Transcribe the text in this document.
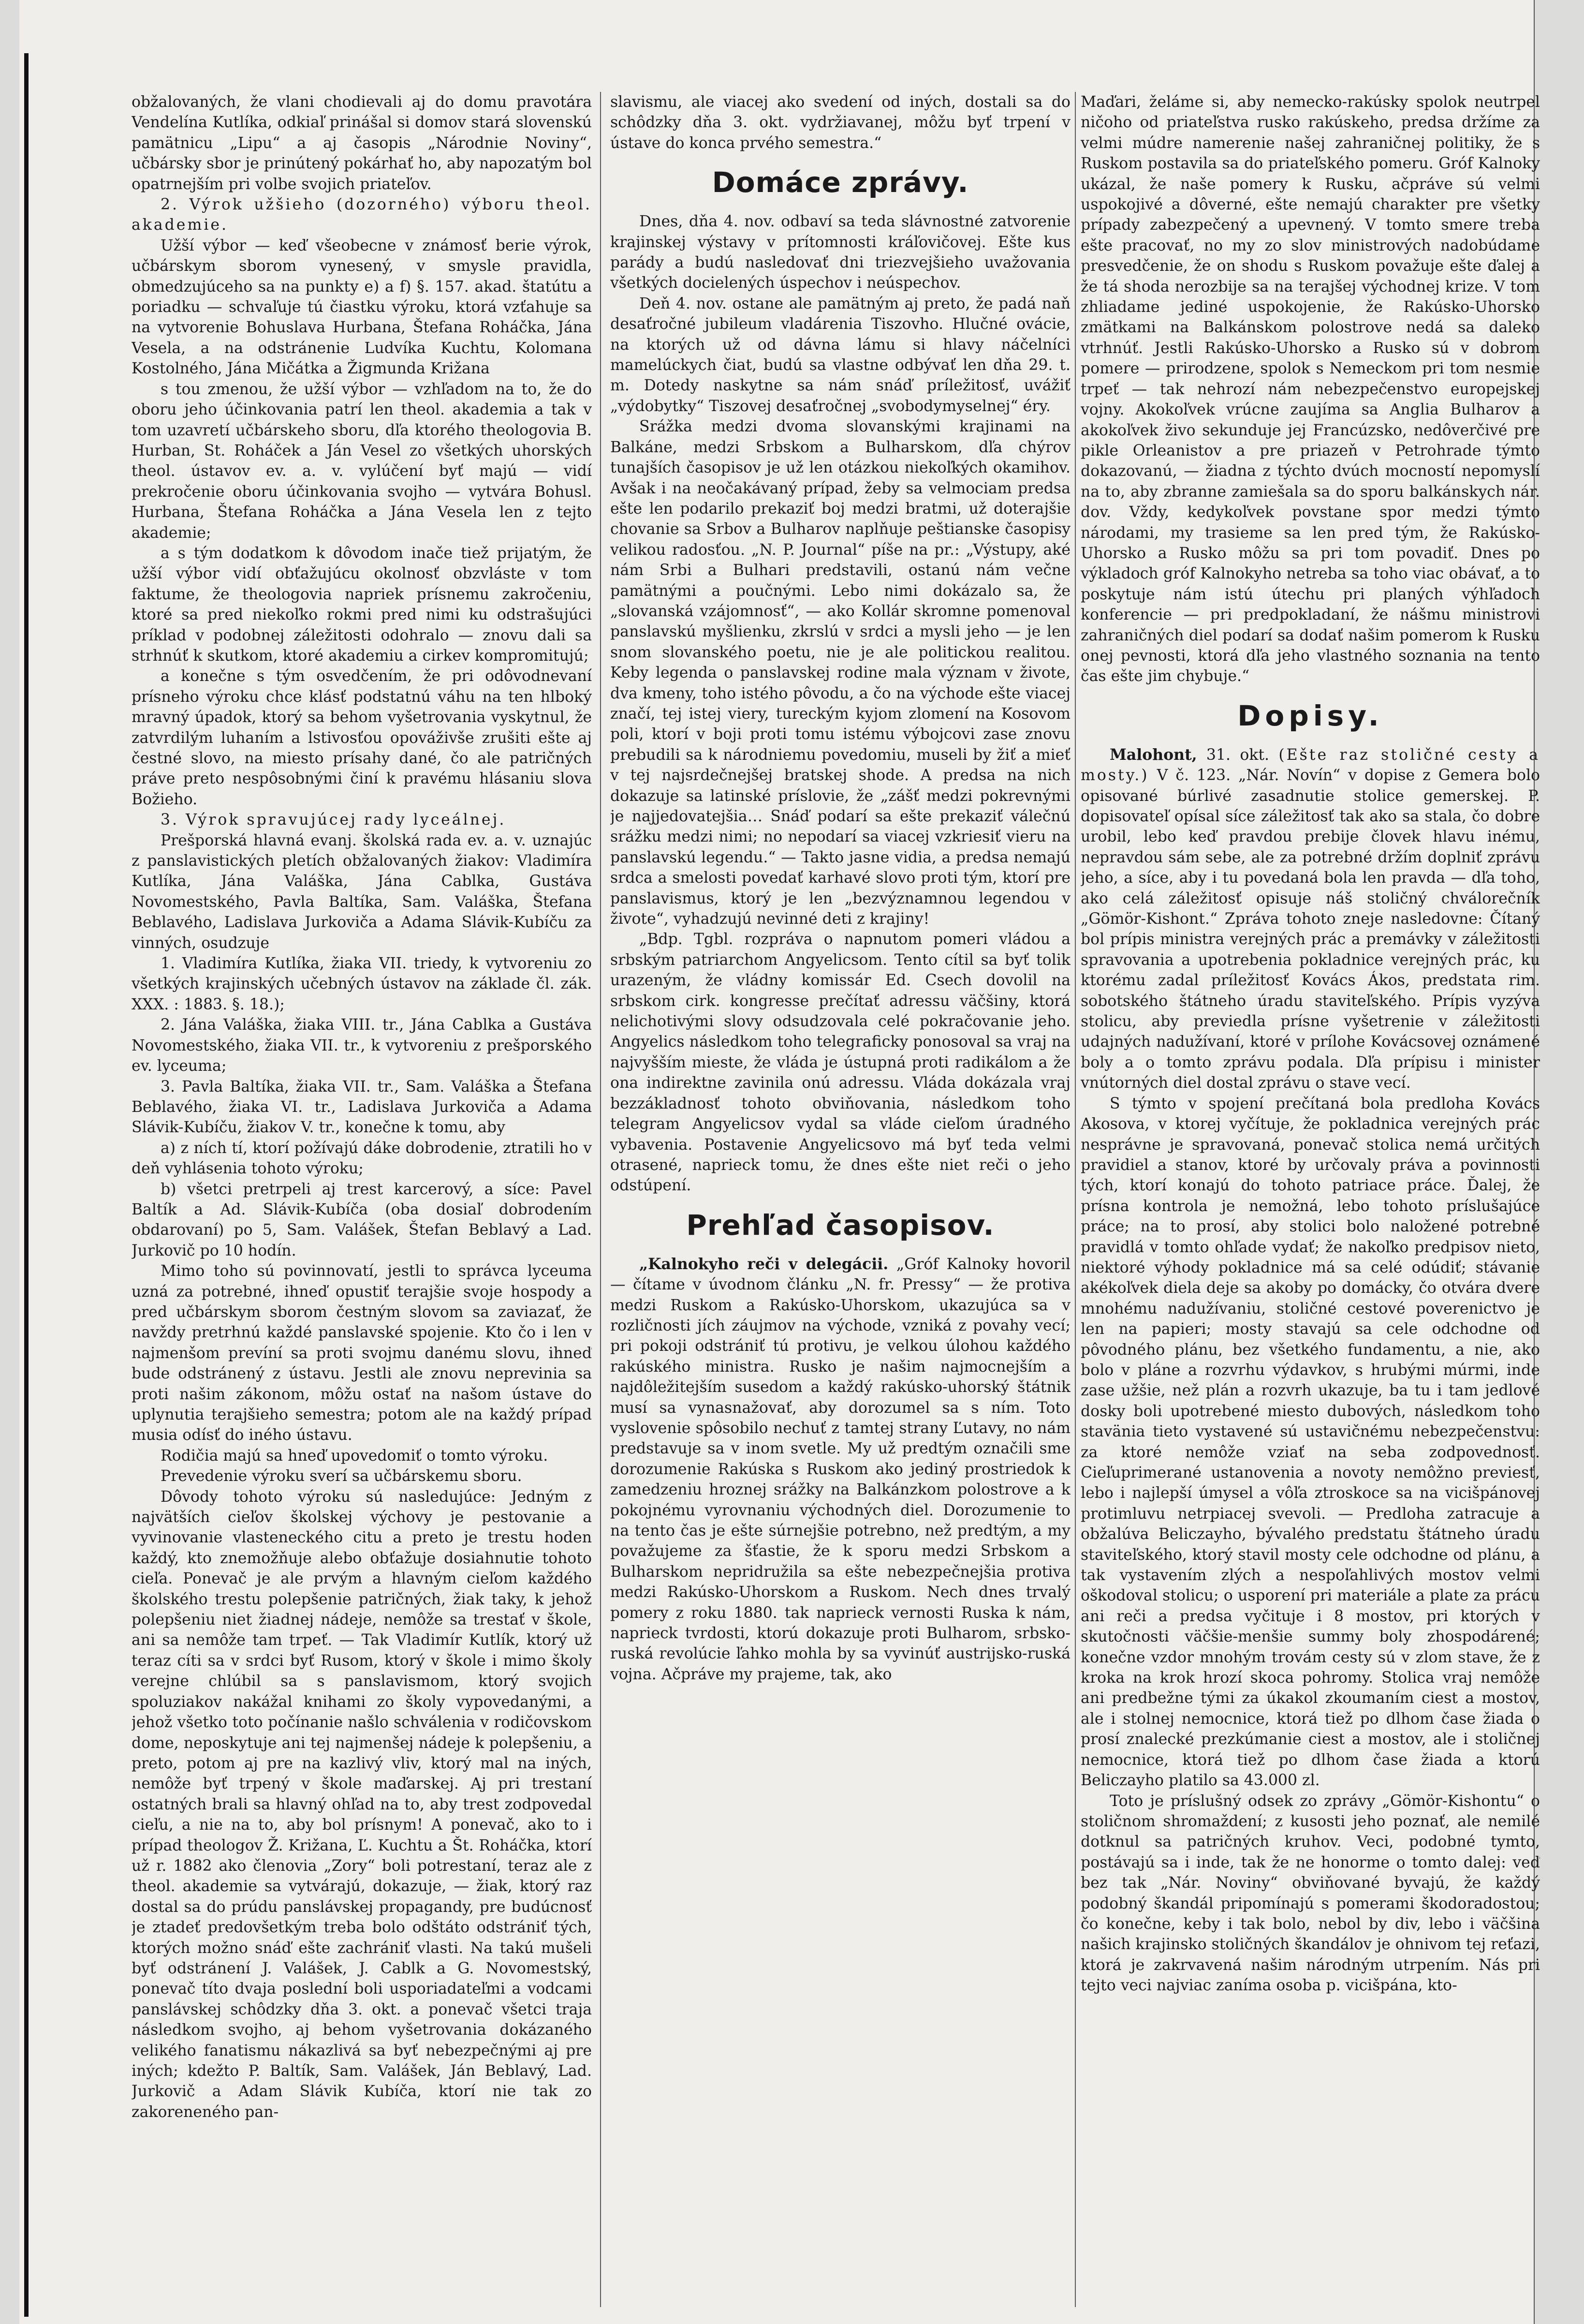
obžalovaných, že vlani chodievali aj do domu pravotára Vendelína Kutlíka, odkiaľ prinášal si domov stará slovenskú pamätnicu „Lipu“ a aj časopis „Národnie Noviny“, učbársky sbor je prinútený pokárhať ho, aby napozatým bol opatrnejším pri volbe svojich priateľov.

2. Výrok užšieho (dozorného) výboru theol. akademie.

Užší výbor — keď všeobecne v známosť berie výrok, učbárskym sborom vynesený, v smysle pravidla, obmedzujúceho sa na punkty e) a f) §. 157. akad. štatútu a poriadku — schvaľuje tú čiastku výroku, ktorá vzťahuje sa na vytvorenie Bohuslava Hurbana, Štefana Roháčka, Jána Vesela, a na odstránenie Ludvíka Kuchtu, Kolomana Kostolného, Jána Mičátka a Žigmunda Križana

s tou zmenou, že užší výbor — vzhľadom na to, že do oboru jeho účinkovania patrí len theol. akademia a tak v tom uzavretí učbárskeho sboru, dľa ktorého theologovia B. Hurban, St. Roháček a Ján Vesel zo všetkých uhorských theol. ústavov ev. a. v. vylúčení byť majú — vidí prekročenie oboru účinkovania svojho — vytvára Bohusl. Hurbana, Štefana Roháčka a Jána Vesela len z tejto akademie;

a s tým dodatkom k dôvodom inače tiež prijatým, že užší výbor vidí obťažujúcu okolnosť obzvláste v tom faktume, že theologovia napriek prísnemu zakročeniu, ktoré sa pred niekoľko rokmi pred nimi ku odstrašujúci príklad v podobnej záležitosti odohralo — znovu dali sa strhnúť k skutkom, ktoré akademiu a cirkev kompromitujú;

a konečne s tým osvedčením, že pri odôvodnevaní prísneho výroku chce klásť podstatnú váhu na ten hlboký mravný úpadok, ktorý sa behom vyšetrovania vyskytnul, že zatvrdilým luhaním a lstivosťou opováživše zrušiti ešte aj čestné slovo, na miesto prísahy dané, čo ale patričných práve preto nespôsobnými činí k pravému hlásaniu slova Božieho.

3. Výrok spravujúcej rady lyceálnej.

Prešporská hlavná evanj. školská rada ev. a. v. uznajúc z panslavistických pletích obžalovaných žiakov: Vladimíra Kutlíka, Jána Valáška, Jána Cablka, Gustáva Novomestského, Pavla Baltíka, Sam. Valáška, Štefana Beblavého, Ladislava Jurkoviča a Adama Slávik-Kubíču za vinných, osudzuje

1. Vladimíra Kutlíka, žiaka VII. triedy, k vytvoreniu zo všetkých krajinských učebných ústavov na základe čl. zák. XXX. : 1883. §. 18.);

2. Jána Valáška, žiaka VIII. tr., Jána Cablka a Gustáva Novomestského, žiaka VII. tr., k vytvoreniu z prešporského ev. lyceuma;

3. Pavla Baltíka, žiaka VII. tr., Sam. Valáška a Štefana Beblavého, žiaka VI. tr., Ladislava Jurkoviča a Adama Slávik-Kubíču, žiakov V. tr., konečne k tomu, aby

a) z ních tí, ktorí požívajú dáke dobrodenie, ztratili ho v deň vyhlásenia tohoto výroku;

b) všetci pretrpeli aj trest karcerový, a síce: Pavel Baltík a Ad. Slávik-Kubíča (oba dosiaľ dobrodením obdarovaní) po 5, Sam. Valášek, Štefan Beblavý a Lad. Jurkovič po 10 hodín.

Mimo toho sú povinnovatí, jestli to správca lyceuma uzná za potrebné, ihneď opustiť terajšie svoje hospody a pred učbárskym sborom čestným slovom sa zaviazať, že navždy pretrhnú každé panslavské spojenie. Kto čo i len v najmenšom prevíní sa proti svojmu danému slovu, ihneď bude odstránený z ústavu. Jestli ale znovu neprevinia sa proti našim zákonom, môžu ostať na našom ústave do uplynutia terajšieho semestra; potom ale na každý prípad musia odísť do iného ústavu.

Rodičia majú sa hneď upovedomiť o tomto výroku.

Prevedenie výroku sverí sa učbárskemu sboru.

Dôvody tohoto výroku sú nasledujúce: Jedným z najvätších cieľov školskej výchovy je pestovanie a vyvinovanie vlasteneckého citu a preto je trestu hoden každý, kto znemožňuje alebo obťažuje dosiahnutie tohoto cieľa. Ponevač je ale prvým a hlavným cieľom každého školského trestu polepšenie patričných, žiak taky, k jehož polepšeniu niet žiadnej nádeje, nemôže sa trestať v škole, ani sa nemôže tam trpeť. — Tak Vladimír Kutlík, ktorý už teraz cíti sa v srdci byť Rusom, ktorý v škole i mimo školy verejne chlúbil sa s panslavismom, ktorý svojich spoluziakov nakážal knihami zo školy vypovedanými, a jehož všetko toto počínanie našlo schválenia v rodičovskom dome, neposkytuje ani tej najmenšej nádeje k polepšeniu, a preto, potom aj pre na kazlivý vliv, ktorý mal na iných, nemôže byť trpený v škole maďarskej. Aj pri trestaní ostatných brali sa hlavný ohľad na to, aby trest zodpovedal cieľu, a nie na to, aby bol prísnym! A ponevač, ako to i prípad theologov Ž. Križana, Ľ. Kuchtu a Št. Roháčka, ktorí už r. 1882 ako členovia „Zory“ boli potrestaní, teraz ale z theol. akademie sa vytvárajú, dokazuje, — žiak, ktorý raz dostal sa do prúdu panslávskej propagandy, pre budúcnosť je ztadeť predovšetkým treba bolo odštáto odstrániť tých, ktorých možno snáď ešte zachrániť vlasti. Na takú mušeli byť odstránení J. Valášek, J. Cablk a G. Novomestský, ponevač títo dvaja poslední boli usporiadateľmi a vodcami panslávskej schôdzky dňa 3. okt. a ponevač všetci traja následkom svojho, aj behom vyšetrovania dokázaného velikého fanatismu nákazlivá sa byť nebezpečnými aj pre iných; kdežto P. Baltík, Sam. Valášek, Ján Beblavý, Lad. Jurkovič a Adam Slávik Kubíča, ktorí nie tak zo zakoreneného pan-

slavismu, ale viacej ako svedení od iných, dostali sa do schôdzky dňa 3. okt. vydržiavanej, môžu byť trpení v ústave do konca prvého semestra.“

Domáce zprávy.

Dnes, dňa 4. nov. odbaví sa teda slávnostné zatvorenie krajinskej výstavy v prítomnosti kráľovičovej. Ešte kus parády a budú nasledovať dni triezvejšieho uvažovania všetkých docielených úspechov i neúspechov.

Deň 4. nov. ostane ale pamätným aj preto, že padá naň desaťročné jubileum vladárenia Tiszovho. Hlučné ovácie, na ktorých už od dávna lámu si hlavy náčelníci mamelúckych čiat, budú sa vlastne odbývať len dňa 29. t. m. Dotedy naskytne sa nám snáď príležitosť, uvážiť „výdobytky“ Tiszovej desaťročnej „svobodymyselnej“ éry.

Srážka medzi dvoma slovanskými krajinami na Balkáne, medzi Srbskom a Bulharskom, dľa chýrov tunajších časopisov je už len otázkou niekoľkých okamihov. Avšak i na neočakávaný prípad, žeby sa velmociam predsa ešte len podarilo prekaziť boj medzi bratmi, už doterajšie chovanie sa Srbov a Bulharov naplňuje peštianske časopisy velikou radosťou. „N. P. Journal“ píše na pr.: „Výstupy, aké nám Srbi a Bulhari predstavili, ostanú nám večne pamätnými a poučnými. Lebo nimi dokázalo sa, že „slovanská vzájomnosť“, — ako Kollár skromne pomenoval panslavskú myšlienku, zkrslú v srdci a mysli jeho — je len snom slovanského poetu, nie je ale politickou realitou. Keby legenda o panslavskej rodine mala význam v živote, dva kmeny, toho istého pôvodu, a čo na východe ešte viacej značí, tej istej viery, tureckým kyjom zlomení na Kosovom poli, ktorí v boji proti tomu istému výbojcovi zase znovu prebudili sa k národniemu povedomiu, museli by žiť a mieť v tej najsrdečnejšej bratskej shode. A predsa na nich dokazuje sa latinské príslovie, že „zášť medzi pokrevnými je najjedovatejšia… Snáď podarí sa ešte prekaziť válečnú srážku medzi nimi; no nepodarí sa viacej vzkriesiť vieru na panslavskú legendu.“ — Takto jasne vidia, a predsa nemajú srdca a smelosti povedať karhavé slovo proti tým, ktorí pre panslavismus, ktorý je len „bezvýznamnou legendou v živote“, vyhadzujú nevinné deti z krajiny!

„Bdp. Tgbl. rozpráva o napnutom pomeri vládou a srbským patriarchom Angyelicsom. Tento cítil sa byť tolik urazeným, že vládny komissár Ed. Csech dovolil na srbskom cirk. kongresse prečítať adressu väčšiny, ktorá nelichotivými slovy odsudzovala celé pokračovanie jeho. Angyelics následkom toho telegraficky ponosoval sa vraj na najvyšším mieste, že vláda je ústupná proti radikálom a že ona indirektne zavinila onú adressu. Vláda dokázala vraj bezzákladnosť tohoto obviňovania, následkom toho telegram Angyelicsov vydal sa vláde cieľom úradného vybavenia. Postavenie Angyelicsovo má byť teda velmi otrasené, naprieck tomu, že dnes ešte niet reči o jeho odstúpení.

Prehľad časopisov.

„Kalnokyho reči v delegácii. „Gróf Kalnoky hovoril — čítame v úvodnom článku „N. fr. Pressy“ — že protiva medzi Ruskom a Rakúsko-Uhorskom, ukazujúca sa v rozličnosti jích záujmov na východe, vzniká z povahy vecí; pri pokoji odstrániť tú protivu, je velkou úlohou každého rakúského ministra. Rusko je našim najmocnejším a najdôležitejším susedom a každý rakúsko-uhorský štátnik musí sa vynasnažovať, aby dorozumel sa s ním. Toto vyslovenie spôsobilo nechuť z tamtej strany Ľutavy, no nám predstavuje sa v inom svetle. My už predtým označili sme dorozumenie Rakúska s Ruskom ako jediný prostriedok k zamedzeniu hroznej srážky na Balkánzkom polostrove a k pokojnému vyrovnaniu východných diel. Dorozumenie to na tento čas je ešte súrnejšie potrebno, než predtým, a my považujeme za šťastie, že k sporu medzi Srbskom a Bulharskom nepridružila sa ešte nebezpečnejšia protiva medzi Rakúsko-Uhorskom a Ruskom. Nech dnes trvalý pomery z roku 1880. tak naprieck vernosti Ruska k nám, naprieck tvrdosti, ktorú dokazuje proti Bulharom, srbsko-ruská revolúcie ľahko mohla by sa vyvinúť austrijsko-ruská vojna. Ačpráve my prajeme, tak, ako

Maďari, želáme si, aby nemecko-rakúsky spolok neutrpel ničoho od priateľstva rusko rakúskeho, predsa držíme za velmi múdre namerenie našej zahraničnej politiky, že s Ruskom postavila sa do priateľského pomeru. Gróf Kalnoky ukázal, že naše pomery k Rusku, ačpráve sú velmi uspokojivé a dôverné, ešte nemajú charakter pre všetky prípady zabezpečený a upevnený. V tomto smere treba ešte pracovať, no my zo slov ministrových nadobúdame presvedčenie, že on shodu s Ruskom považuje ešte ďalej a že tá shoda nerozbije sa na terajšej východnej krize. V tom zhliadame jediné uspokojenie, že Rakúsko-Uhorsko zmätkami na Balkánskom polostrove nedá sa daleko vtrhnúť. Jestli Rakúsko-Uhorsko a Rusko sú v dobrom pomere — prirodzene, spolok s Nemeckom pri tom nesmie trpeť — tak nehrozí nám nebezpečenstvo europejskej vojny. Akokoľvek vrúcne zaujíma sa Anglia Bulharov a akokoľvek živo sekunduje jej Francúzsko, nedôverčivé pre pikle Orleanistov a pre priazeň v Petrohrade týmto dokazovanú, — žiadna z týchto dvúch mocností nepomyslí na to, aby zbranne zamiešala sa do sporu balkánskych nár. dov. Vždy, kedykoľvek povstane spor medzi týmto národami, my trasieme sa len pred tým, že Rakúsko-Uhorsko a Rusko môžu sa pri tom povadiť. Dnes po výkladoch gróf Kalnokyho netreba sa toho viac obávať, a to poskytuje nám istú útechu pri planých výhľadoch konferencie — pri predpokladaní, že nášmu ministrovi zahraničných diel podarí sa dodať našim pomerom k Rusku onej pevnosti, ktorá dľa jeho vlastného soznania na tento čas ešte jim chybuje.“

Dopisy.

Malohont, 31. okt. (Ešte raz stoličné cesty a mosty.) V č. 123. „Nár. Novín“ v dopise z Gemera bolo opisované búrlivé zasadnutie stolice gemerskej. P. dopisovateľ opísal síce záležitosť tak ako sa stala, čo dobre urobil, lebo keď pravdou prebije človek hlavu inému, nepravdou sám sebe, ale za potrebné držím doplniť zprávu jeho, a síce, aby i tu povedaná bola len pravda — dľa toho, ako celá záležitosť opisuje náš stoličný chválorečník „Gömör-Kishont.“ Zpráva tohoto zneje nasledovne: Čítaný bol prípis ministra verejných prác a premávky v záležitosti spravovania a upotrebenia pokladnice verejných prác, ku ktorému zadal príležitosť Kovács Ákos, predstata rim. sobotského štátneho úradu staviteľského. Prípis vyzýva stolicu, aby previedla prísne vyšetrenie v záležitosti udajných nadužívaní, ktoré v prílohe Kovácsovej oznámené boly a o tomto zprávu podala. Dľa prípisu i minister vnútorných diel dostal zprávu o stave vecí.

S týmto v spojení prečítaná bola predloha Kovács Akosova, v ktorej vyčítuje, že pokladnica verejných prác nesprávne je spravovaná, ponevač stolica nemá určitých pravidiel a stanov, ktoré by určovaly práva a povinnosti tých, ktorí konajú do tohoto patriace práce. Ďalej, že prísna kontrola je nemožná, lebo tohoto príslušajúce práce; na to prosí, aby stolici bolo naložené potrebné pravidlá v tomto ohľade vydať; že nakoľko predpisov nieto, niektoré výhody pokladnice má sa celé odúdiť; stávanie akékoľvek diela deje sa akoby po domácky, čo otvára dvere mnohému nadužívaniu, stoličné cestové poverenictvo je len na papieri; mosty stavajú sa cele odchodne od pôvodného plánu, bez všetkého fundamentu, a nie, ako bolo v pláne a rozvrhu výdavkov, s hrubými múrmi, inde zase užšie, než plán a rozvrh ukazuje, ba tu i tam jedlové dosky boli upotrebené miesto dubových, následkom toho stavänia tieto vystavené sú ustavičnému nebezpečenstvu: za ktoré nemôže vziať na seba zodpovednosť. Cieľuprimerané ustanovenia a novoty nemôžno previesť, lebo i najlepší úmysel a vôľa ztroskoce sa na vicišpánovej protimluvu netrpiacej svevoli. — Predloha zatracuje a obžalúva Beliczayho, bývalého predstatu štátneho úradu staviteľského, ktorý stavil mosty cele odchodne od plánu, a tak vystavením zlých a nespoľahlivých mostov velmi oškodoval stolicu; o usporení pri materiále a plate za prácu ani reči a predsa vyčituje i 8 mostov, pri ktorých v skutočnosti väčšie-menšie summy boly zhospodárené; konečne vzdor mnohým trovám cesty sú v zlom stave, že z kroka na krok hrozí skoca pohromy. Stolica vraj nemôže ani predbežne tými za úkakol zkoumaním ciest a mostov, ale i stolnej nemocnice, ktorá tiež po dlhom čase žiada o prosí znalecké prezkúmanie ciest a mostov, ale i stoličnej nemocnice, ktorá tiež po dlhom čase žiada a ktorú Beliczayho platilo sa 43.000 zl.

Toto je príslušný odsek zo zprávy „Gömör-Kishontu“ o stoličnom shromaždení; z kusosti jeho poznať, ale nemilé dotknul sa patričných kruhov. Veci, podobné tymto, postávajú sa i inde, tak že ne honorme o tomto dalej: veď bez tak „Nár. Noviny“ obviňované byvajú, že každý podobný škandál pripomínajú s pomerami škodoradostou; čo konečne, keby i tak bolo, nebol by div, lebo i väčšina našich krajinsko stoličných škandálov je ohnivom tej reťazi, ktorá je zakrvavená našim národným utrpením. Nás pri tejto veci najviac zaníma osoba p. vicišpána, kto-
